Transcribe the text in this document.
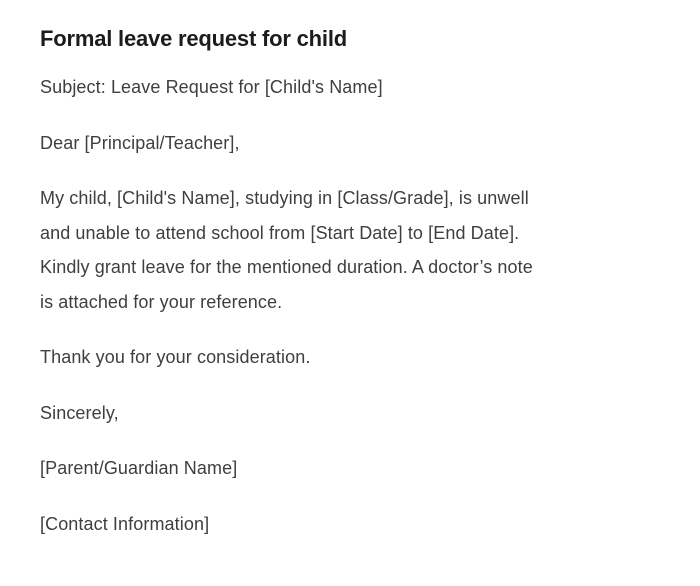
Formal leave request for child

Subject: Leave Request for [Child's Name]

Dear [Principal/Teacher],

My child, [Child's Name], studying in [Class/Grade], is unwell
and unable to attend school from [Start Date] to [End Date].
Kindly grant leave for the mentioned duration. A doctor’s note
is attached for your reference.

Thank you for your consideration.

Sincerely,

[Parent/Guardian Name]

[Contact Information]
